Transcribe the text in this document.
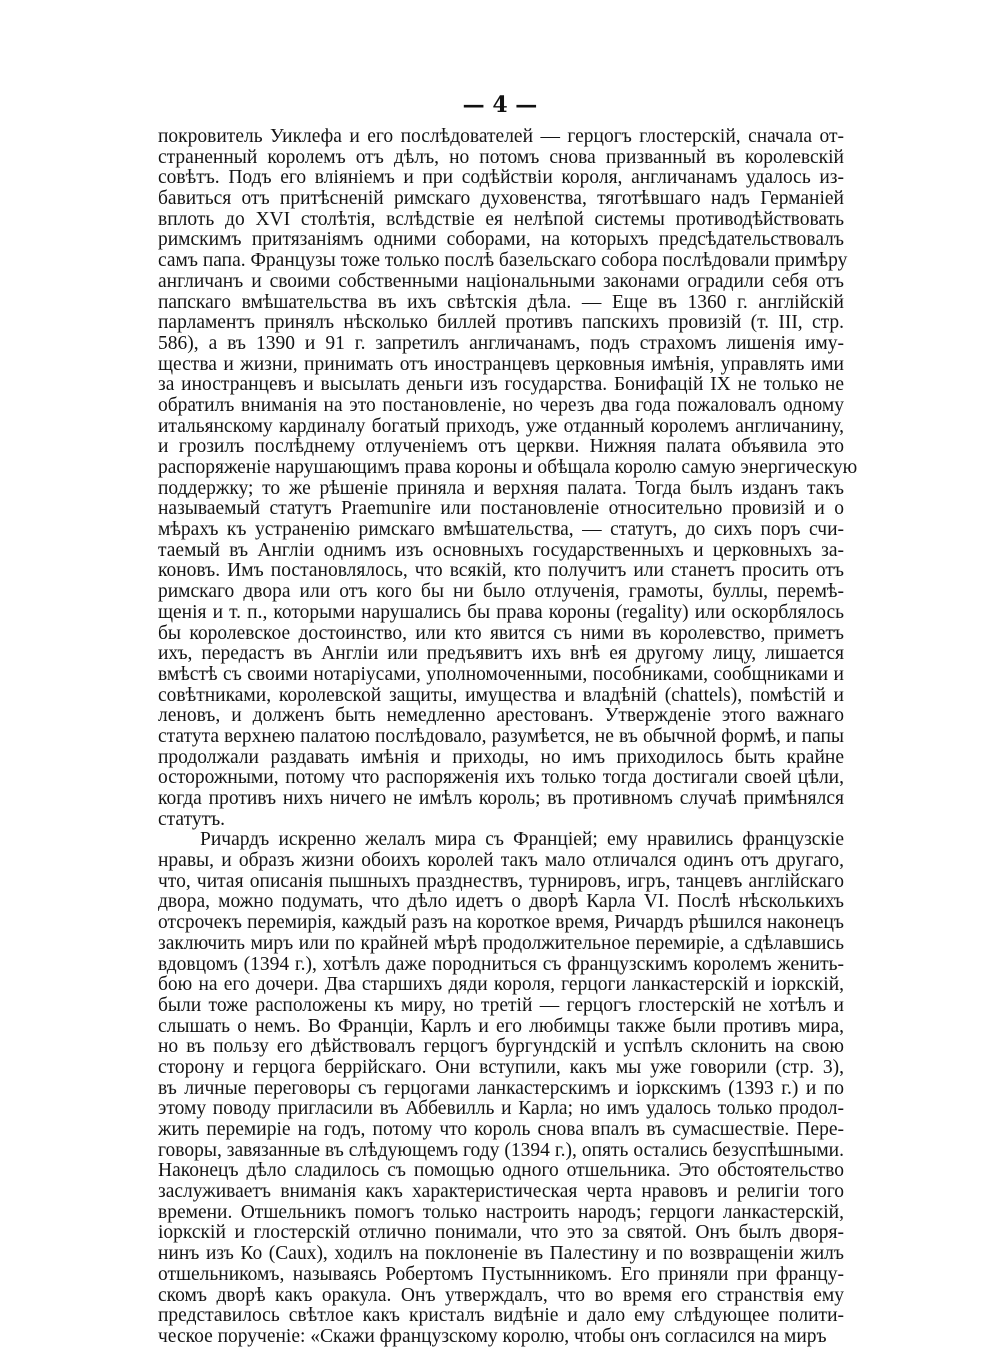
— 4 —
покровитель Уиклефа и его послѣдователей — герцогъ глостерскій, сначала от-
страненный королемъ отъ дѣлъ, но потомъ снова призванный въ королевскій
совѣтъ. Подъ его вліяніемъ и при содѣйствіи короля, англичанамъ удалось из-
бавиться отъ притѣсненій римскаго духовенства, тяготѣвшаго надъ Германіей
вплоть до XVI столѣтія, вслѣдствіе ея нелѣпой системы противодѣйствовать
римскимъ притязаніямъ одними соборами, на которыхъ предсѣдательствовалъ
самъ папа. Французы тоже только послѣ базельскаго собора послѣдовали примѣру
англичанъ и своими собственными національными законами оградили себя отъ
папскаго вмѣшательства въ ихъ свѣтскія дѣла. — Еще въ 1360 г. англійскій
парламентъ принялъ нѣсколько биллей противъ папскихъ провизій (т. III, стр.
586), а въ 1390 и 91 г. запретилъ англичанамъ, подъ страхомъ лишенія иму-
щества и жизни, принимать отъ иностранцевъ церковныя имѣнія, управлять ими
за иностранцевъ и высылать деньги изъ государства. Бонифацій IX не только не
обратилъ вниманія на это постановленіе, но черезъ два года пожаловалъ одному
итальянскому кардиналу богатый приходъ, уже отданный королемъ англичанину,
и грозилъ послѣднему отлученіемъ отъ церкви. Нижняя палата объявила это
распоряженіе нарушающимъ права короны и обѣщала королю самую энергическую
поддержку; то же рѣшеніе приняла и верхняя палата. Тогда былъ изданъ такъ
называемый статутъ Praemunire или постановленіе относительно провизій и о
мѣрахъ къ устраненію римскаго вмѣшательства, — статутъ, до сихъ поръ счи-
таемый въ Англіи однимъ изъ основныхъ государственныхъ и церковныхъ за-
коновъ. Имъ постановлялось, что всякій, кто получитъ или станетъ просить отъ
римскаго двора или отъ кого бы ни было отлученія, грамоты, буллы, перемѣ-
щенія и т. п., которыми нарушались бы права короны (regality) или оскорблялось
бы королевское достоинство, или кто явится съ ними въ королевство, приметъ
ихъ, передастъ въ Англіи или предъявитъ ихъ внѣ ея другому лицу, лишается
вмѣстѣ съ своими нотаріусами, уполномоченными, пособниками, сообщниками и
совѣтниками, королевской защиты, имущества и владѣній (chattels), помѣстій и
леновъ, и долженъ быть немедленно арестованъ. Утвержденіе этого важнаго
статута верхнею палатою послѣдовало, разумѣется, не въ обычной формѣ, и папы
продолжали раздавать имѣнія и приходы, но имъ приходилось быть крайне
осторожными, потому что распоряженія ихъ только тогда достигали своей цѣли,
когда противъ нихъ ничего не имѣлъ король; въ противномъ случаѣ примѣнялся
статутъ.
Ричардъ искренно желалъ мира съ Франціей; ему нравились французскіе
нравы, и образъ жизни обоихъ королей такъ мало отличался одинъ отъ другаго,
что, читая описанія пышныхъ празднествъ, турнировъ, игръ, танцевъ англійскаго
двора, можно подумать, что дѣло идетъ о дворѣ Карла VI. Послѣ нѣсколькихъ
отсрочекъ перемирія, каждый разъ на короткое время, Ричардъ рѣшился наконецъ
заключить миръ или по крайней мѣрѣ продолжительное перемиріе, а сдѣлавшись
вдовцомъ (1394 г.), хотѣлъ даже породниться съ французскимъ королемъ женить-
бою на его дочери. Два старшихъ дяди короля, герцоги ланкастерскій и іоркскій,
были тоже расположены къ миру, но третій — герцогъ глостерскій не хотѣлъ и
слышать о немъ. Во Франціи, Карлъ и его любимцы также были противъ мира,
но въ пользу его дѣйствовалъ герцогъ бургундскій и успѣлъ склонить на свою
сторону и герцога беррійскаго. Они вступили, какъ мы уже говорили (стр. 3),
въ личные переговоры съ герцогами ланкастерскимъ и іоркскимъ (1393 г.) и по
этому поводу пригласили въ Аббевилль и Карла; но имъ удалось только продол-
жить перемиріе на годъ, потому что король снова впалъ въ сумасшествіе. Пере-
говоры, завязанные въ слѣдующемъ году (1394 г.), опять остались безуспѣшными.
Наконецъ дѣло сладилось съ помощью одного отшельника. Это обстоятельство
заслуживаетъ вниманія какъ характеристическая черта нравовъ и религіи того
времени. Отшельникъ помогъ только настроить народъ; герцоги ланкастерскій,
іоркскій и глостерскій отлично понимали, что это за святой. Онъ былъ дворя-
нинъ изъ Ко (Caux), ходилъ на поклоненіе въ Палестину и по возвращеніи жилъ
отшельникомъ, называясь Робертомъ Пустынникомъ. Его приняли при францу-
скомъ дворѣ какъ оракула. Онъ утверждалъ, что во время его странствія ему
представилось свѣтлое какъ кристалъ видѣніе и дало ему слѣдующее полити-
ческое порученіе: «Скажи французскому королю, чтобы онъ согласился на миръ
